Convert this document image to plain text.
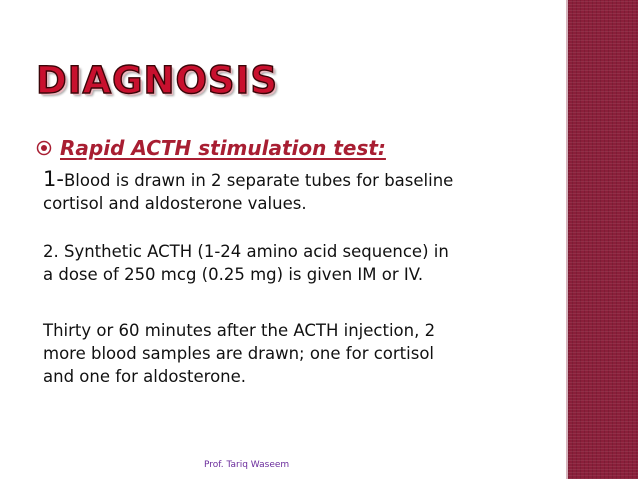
DIAGNOSIS
Rapid ACTH stimulation test:

1-Blood is drawn in 2 separate tubes for baseline
cortisol and aldosterone values.

2. Synthetic ACTH (1-24 amino acid sequence) in
a dose of 250 mcg (0.25 mg) is given IM or IV.

Thirty or 60 minutes after the ACTH injection, 2
more blood samples are drawn; one for cortisol
and one for aldosterone.

Prof. Tariq Waseem
